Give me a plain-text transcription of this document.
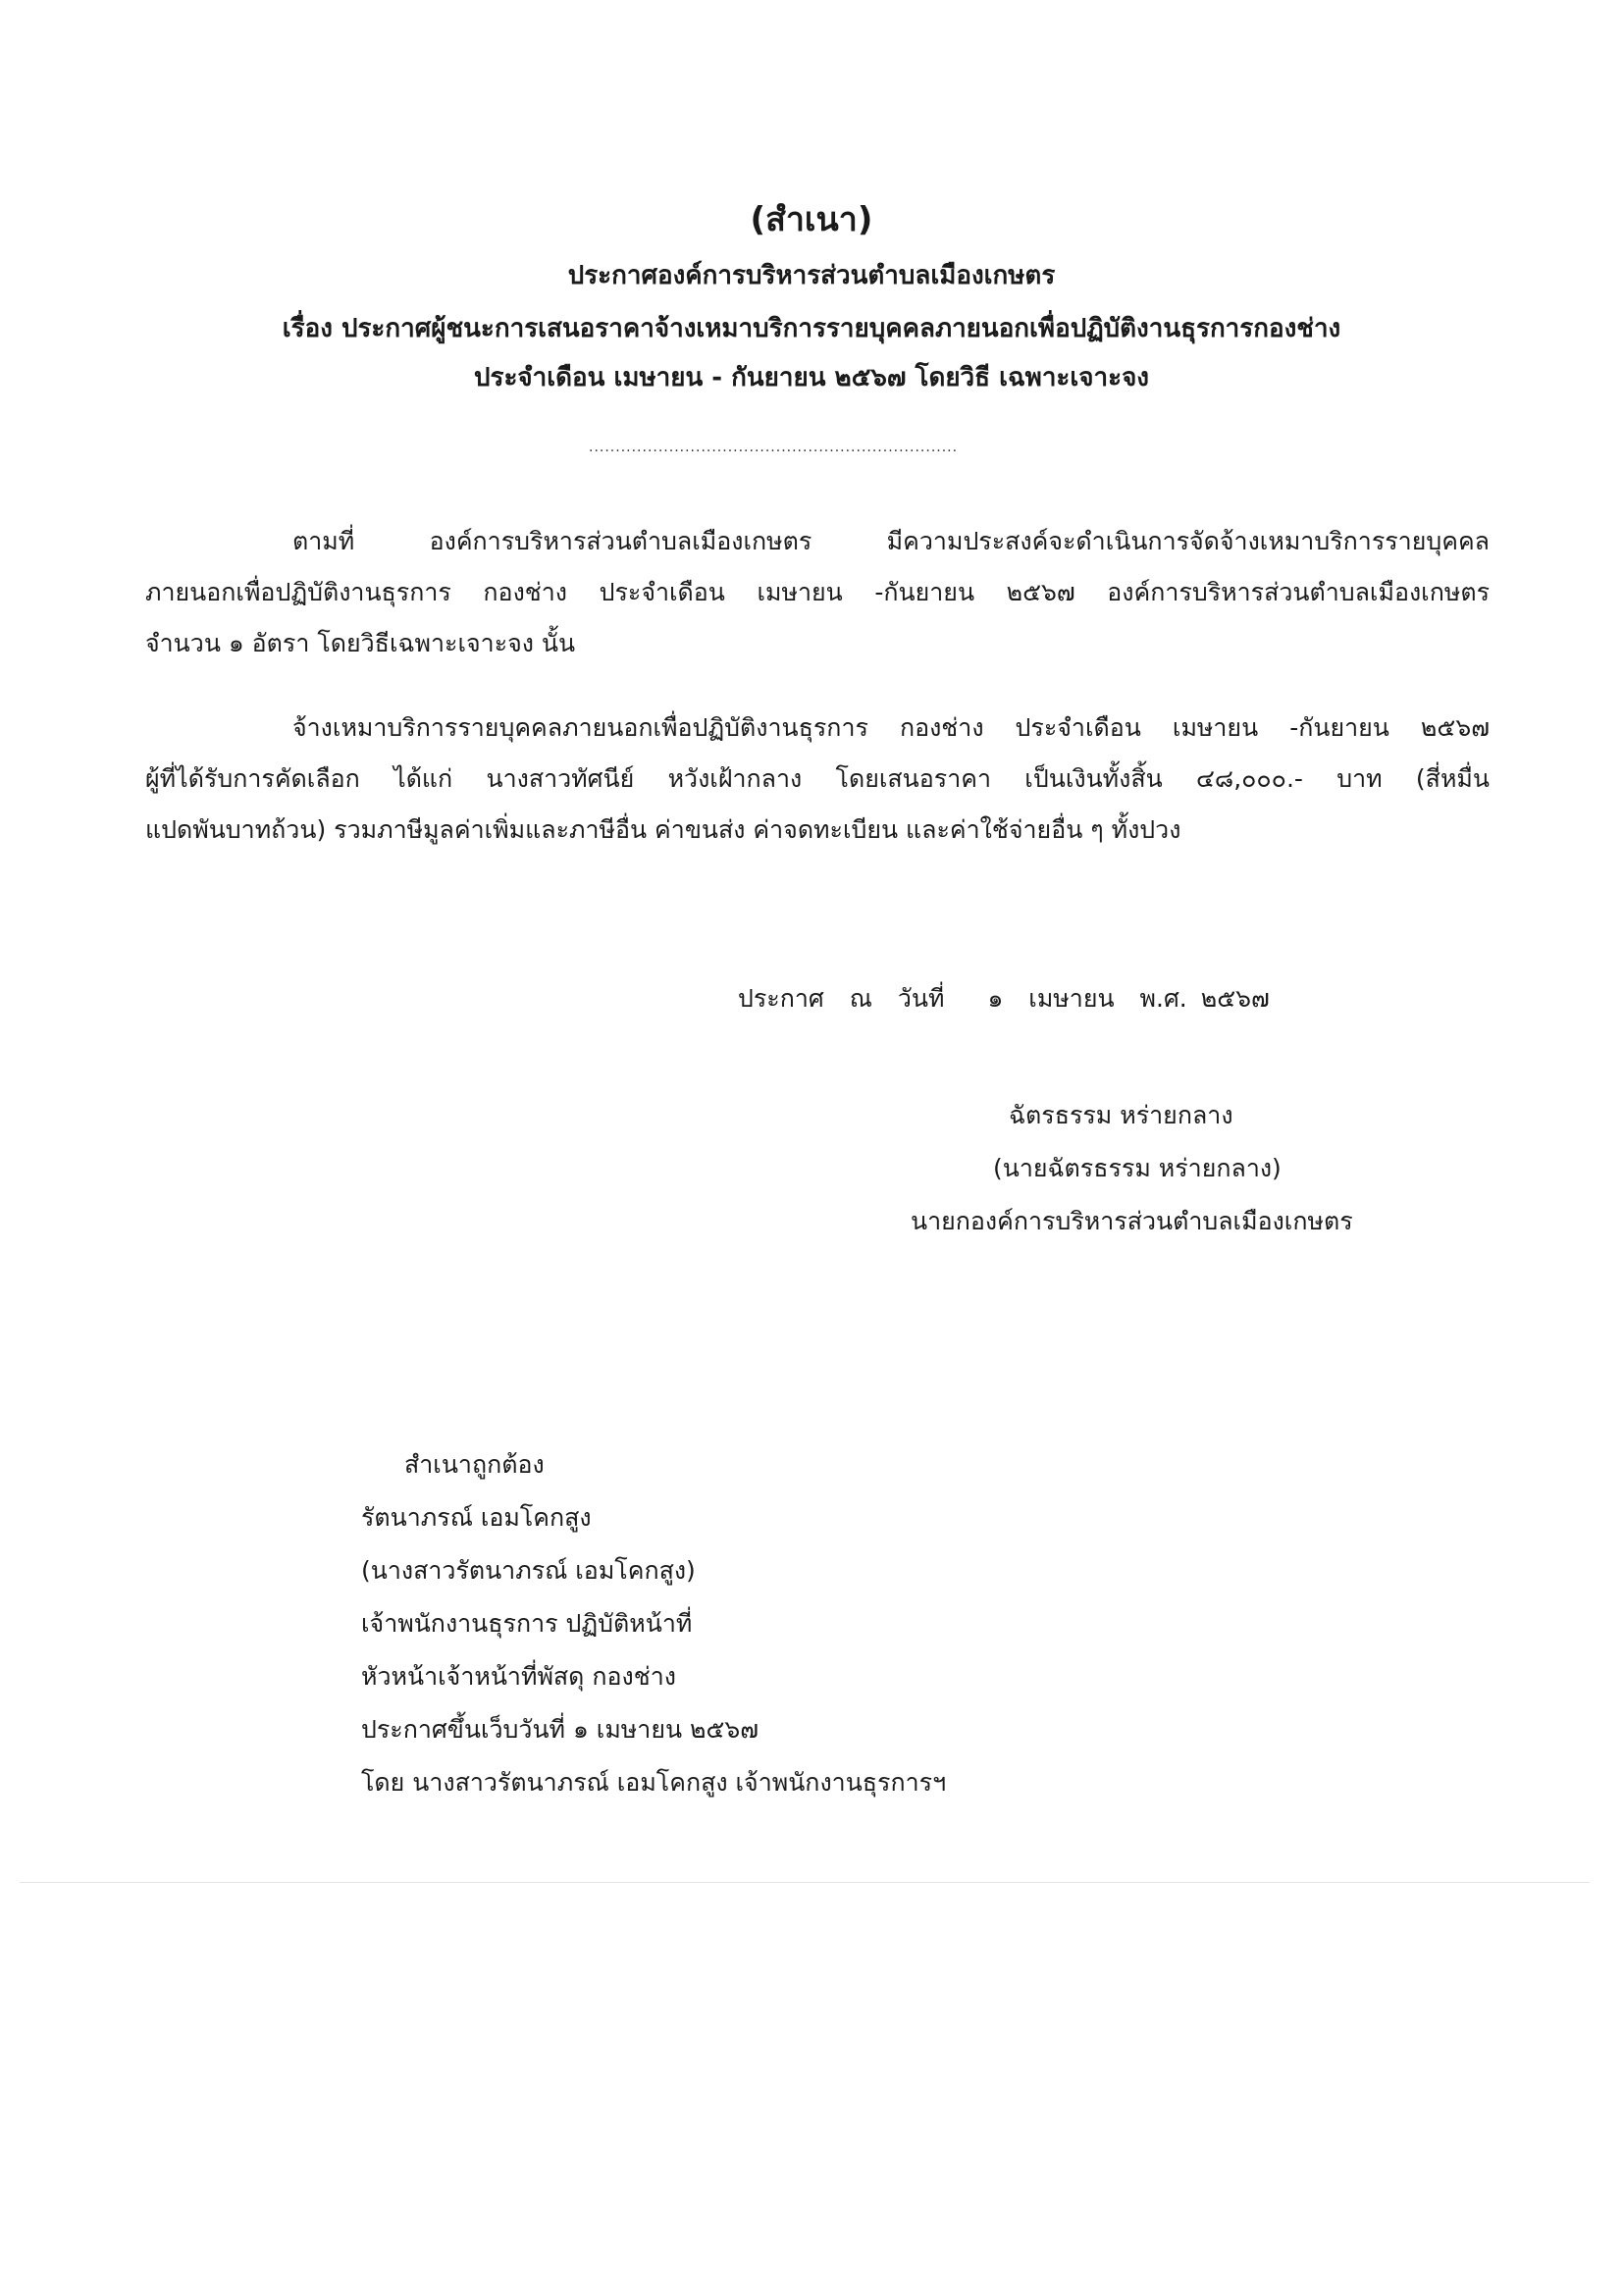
(สำเนา)
ประกาศองค์การบริหารส่วนตำบลเมืองเกษตร
เรื่อง ประกาศผู้ชนะการเสนอราคาจ้างเหมาบริการรายบุคคลภายนอกเพื่อปฏิบัติงานธุรการกองช่าง
ประจำเดือน เมษายน - กันยายน ๒๕๖๗ โดยวิธี เฉพาะเจาะจง
.....................................................................
ตามที่ องค์การบริหารส่วนตำบลเมืองเกษตร มีความประสงค์จะดำเนินการจัดจ้างเหมาบริการรายบุคคล
ภายนอกเพื่อปฏิบัติงานธุรการ กองช่าง ประจำเดือน เมษายน -กันยายน ๒๕๖๗ องค์การบริหารส่วนตำบลเมืองเกษตร
จำนวน ๑ อัตรา โดยวิธีเฉพาะเจาะจง นั้น
จ้างเหมาบริการรายบุคคลภายนอกเพื่อปฏิบัติงานธุรการ กองช่าง ประจำเดือน เมษายน -กันยายน ๒๕๖๗
ผู้ที่ได้รับการคัดเลือก ได้แก่ นางสาวทัศนีย์ หวังเฝ้ากลาง โดยเสนอราคา เป็นเงินทั้งสิ้น ๔๘,๐๐๐.- บาท (สี่หมื่น
แปดพันบาทถ้วน) รวมภาษีมูลค่าเพิ่มและภาษีอื่น ค่าขนส่ง ค่าจดทะเบียน และค่าใช้จ่ายอื่น ๆ ทั้งปวง
ประกาศ ณ วันที่ ๑ เมษายน พ.ศ. ๒๕๖๗
ฉัตรธรรม หร่ายกลาง
(นายฉัตรธรรม หร่ายกลาง)
นายกองค์การบริหารส่วนตำบลเมืองเกษตร
สำเนาถูกต้อง
รัตนาภรณ์ เอมโคกสูง
(นางสาวรัตนาภรณ์ เอมโคกสูง)
เจ้าพนักงานธุรการ ปฏิบัติหน้าที่
หัวหน้าเจ้าหน้าที่พัสดุ กองช่าง
ประกาศขึ้นเว็บวันที่ ๑ เมษายน ๒๕๖๗
โดย นางสาวรัตนาภรณ์ เอมโคกสูง เจ้าพนักงานธุรการฯ
